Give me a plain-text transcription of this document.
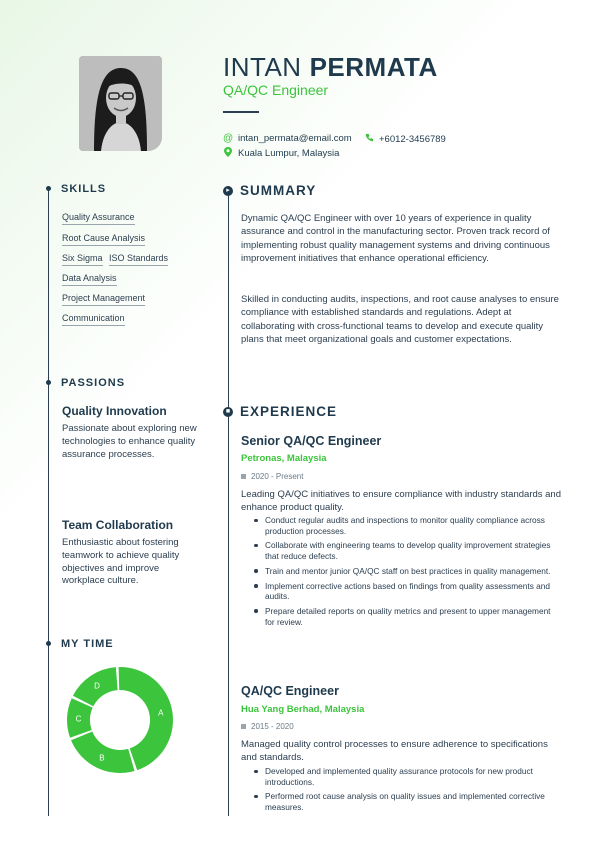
INTAN PERMATA
QA/QC Engineer
@ intan_permata@email.com	+6012-3456789
Kuala Lumpur, Malaysia
SKILLS
Quality Assurance
Root Cause Analysis
Six Sigma ISO Standards
Data Analysis
Project Management
Communication
PASSIONS
Quality Innovation
Passionate about exploring new technologies to enhance quality assurance processes.
Team Collaboration
Enthusiastic about fostering teamwork to achieve quality objectives and improve workplace culture.
MY TIME
A
B
C
D
▸ SUMMARY
Dynamic QA/QC Engineer with over 10 years of experience in quality assurance and control in the manufacturing sector. Proven track record of implementing robust quality management systems and driving continuous improvement initiatives that enhance operational efficiency.
Skilled in conducting audits, inspections, and root cause analyses to ensure compliance with established standards and regulations. Adept at collaborating with cross-functional teams to develop and execute quality plans that meet organizational goals and customer expectations.
■ EXPERIENCE
Senior QA/QC Engineer
Petronas, Malaysia
2020 - Present
Leading QA/QC initiatives to ensure compliance with industry standards and enhance product quality.
Conduct regular audits and inspections to monitor quality compliance across production processes.
Collaborate with engineering teams to develop quality improvement strategies that reduce defects.
Train and mentor junior QA/QC staff on best practices in quality management.
Implement corrective actions based on findings from quality assessments and audits.
Prepare detailed reports on quality metrics and present to upper management for review.
QA/QC Engineer
Hua Yang Berhad, Malaysia
2015 - 2020
Managed quality control processes to ensure adherence to specifications and standards.
Developed and implemented quality assurance protocols for new product introductions.
Performed root cause analysis on quality issues and implemented corrective measures.
